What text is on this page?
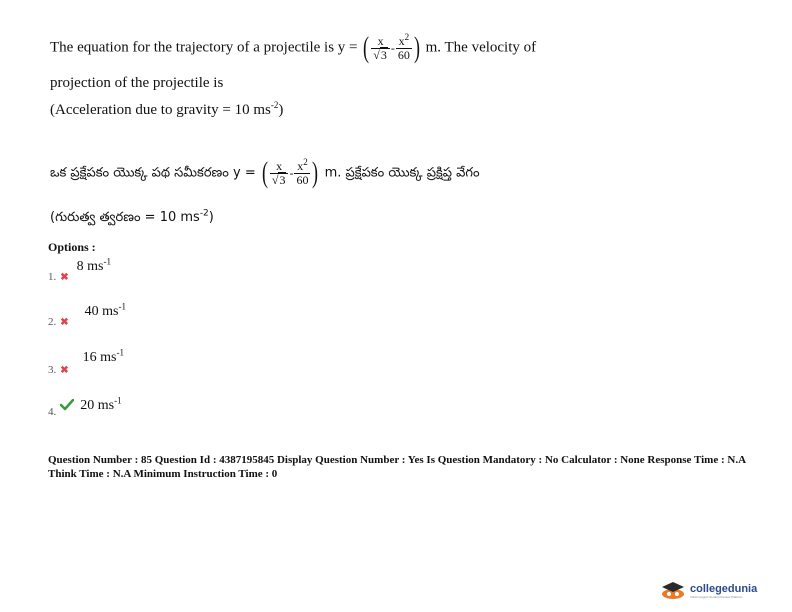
The equation for the trajectory of a projectile is y = ( $\frac{x}{√3} - \frac{x^2}{60}$ ) m. The velocity of
projection of the projectile is
(Acceleration due to gravity = 10 $ms^{-2}$)
ఒక ప్రక్షేపకం యొక్క పథ సమీకరణం y = ( $\frac{x}{√3} - \frac{x^2}{60}$ ) m. ప్రక్షేపకం యొక్క ప్రక్షిప్త వేగం
(గురుత్వ త్వరణం = 10 $ms^{-2}$)
Options :
$_{1.}$ $_✖$ 8 $ms^{-1}$
$_{2.}$ $_✖$ 40 $ms^{-1}$
$_{3.}$ $_✖$ 16 $ms^{-1}$
$_{4.}$ 20 $ms^{-1}$
Question Number : 85 Question Id : 4387195845 Display Question Number : Yes Is Question Mandatory : No Calculator : None Response Time : N.A Think Time : N.A Minimum Instruction Time : 0
collegedunia
India's largest Student Review Platform
